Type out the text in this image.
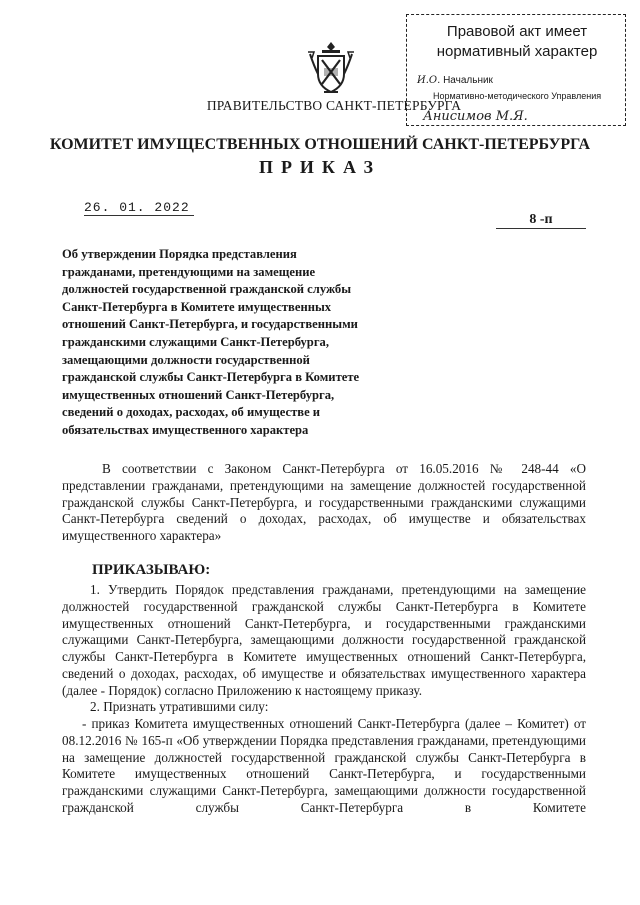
Правовой акт имеет
нормативный характер
И.О. Начальник
Нормативно-методического Управления
Анисимов М.Я.
ПРАВИТЕЛЬСТВО САНКТ-ПЕТЕРБУРГА
КОМИТЕТ ИМУЩЕСТВЕННЫХ ОТНОШЕНИЙ САНКТ-ПЕТЕРБУРГА
ПРИКАЗ
26. 01. 2022
8 -п
Об утверждении Порядка представления гражданами, претендующими на замещение должностей государственной гражданской службы Санкт-Петербурга в Комитете имущественных отношений Санкт-Петербурга, и государственными гражданскими служащими Санкт-Петербурга, замещающими должности государственной гражданской службы Санкт-Петербурга в Комитете имущественных отношений Санкт-Петербурга, сведений о доходах, расходах, об имуществе и обязательствах имущественного характера
В соответствии с Законом Санкт-Петербурга от 16.05.2016 № 248-44 «О представлении гражданами, претендующими на замещение должностей государственной гражданской службы Санкт-Петербурга, и государственными гражданскими служащими Санкт-Петербурга сведений о доходах, расходах, об имуществе и обязательствах имущественного характера»
ПРИКАЗЫВАЮ:
1. Утвердить Порядок представления гражданами, претендующими на замещение должностей государственной гражданской службы Санкт-Петербурга в Комитете имущественных отношений Санкт-Петербурга, и государственными гражданскими служащими Санкт-Петербурга, замещающими должности государственной гражданской службы Санкт-Петербурга в Комитете имущественных отношений Санкт-Петербурга, сведений о доходах, расходах, об имуществе и обязательствах имущественного характера (далее - Порядок) согласно Приложению к настоящему приказу.
2. Признать утратившими силу:
- приказ Комитета имущественных отношений Санкт-Петербурга (далее – Комитет) от 08.12.2016 № 165-п «Об утверждении Порядка представления гражданами, претендующими на замещение должностей государственной гражданской службы Санкт-Петербурга в Комитете имущественных отношений Санкт-Петербурга, и государственными гражданскими служащими Санкт-Петербурга, замещающими должности государственной гражданской службы Санкт-Петербурга в Комитете
